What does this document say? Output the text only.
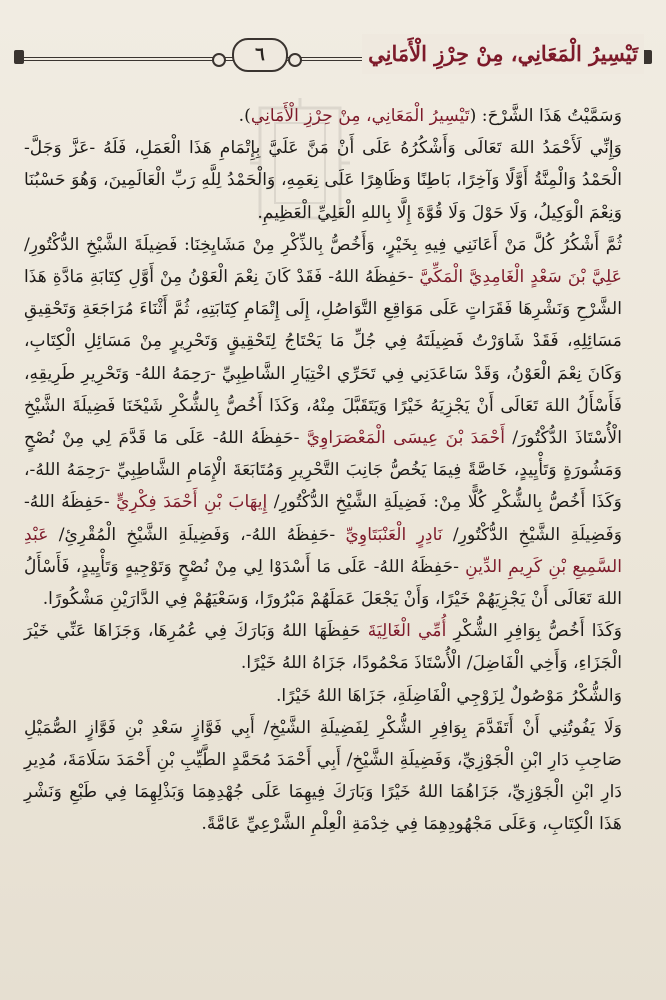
تَيْسِيرُ الْمَعَانِي، مِنْ حِرْزِ الْأَمَانِي
٦

وَسَمَّيْتُ هَذَا الشَّرْحَ: (تَيْسِيرُ الْمَعَانِي، مِنْ حِرْزِ الْأَمَانِي).

وَإِنِّي لَأَحْمَدُ اللهَ تَعَالَى وَأَشْكُرُهُ عَلَى أَنْ مَنَّ عَلَيَّ بِإِتْمَامِ هَذَا الْعَمَلِ، فَلَهُ -عَزَّ وَجَلَّ- الْحَمْدُ وَالْمِنَّةُ أَوَّلًا وَآخِرًا، بَاطِنًا وَظَاهِرًا عَلَى نِعَمِهِ، وَالْحَمْدُ لِلَّهِ رَبِّ الْعَالَمِينَ، وَهُوَ حَسْبُنَا وَنِعْمَ الْوَكِيلُ، وَلَا حَوْلَ وَلَا قُوَّةَ إِلَّا بِاللهِ الْعَلِيِّ الْعَظِيمِ.

ثُمَّ أَشْكُرُ كُلَّ مَنْ أَعَانَنِي فِيهِ بِخَيْرٍ، وَأَخُصُّ بِالذِّكْرِ مِنْ مَشَايِخِنَا: فَضِيلَةَ الشَّيْخِ الدُّكْتُورِ/ عَلِيَّ بْنَ سَعْدٍ الْغَامِدِيَّ الْمَكِّيَّ -حَفِظَهُ اللهُ- فَقَدْ كَانَ نِعْمَ الْعَوْنُ مِنْ أَوَّلِ كِتَابَةِ مَادَّةِ هَذَا الشَّرْحِ وَنَشْرِهَا فَقَرَاتٍ عَلَى مَوَاقِعِ التَّوَاصُلِ، إِلَى إِتْمَامِ كِتَابَتِهِ، ثُمَّ أَثْنَاءَ مُرَاجَعَةِ وَتَحْقِيقِ مَسَائِلِهِ، فَقَدْ شَاوَرْتُ فَضِيلَتَهُ فِي جُلِّ مَا يَحْتَاجُ لِتَحْقِيقٍ وَتَحْرِيرٍ مِنْ مَسَائِلِ الْكِتَابِ، وَكَانَ نِعْمَ الْعَوْنُ، وَقَدْ سَاعَدَنِي فِي تَحَرِّي اخْتِيَارِ الشَّاطِبِيِّ -رَحِمَهُ اللهُ- وَتَحْرِيرِ طَرِيقِهِ، فَأَسْأَلُ اللهَ تَعَالَى أَنْ يَجْزِيَهُ خَيْرًا وَيَتَقَبَّلَ مِنْهُ، وَكَذَا أَخُصُّ بِالشُّكْرِ شَيْخَنَا فَضِيلَةَ الشَّيْخِ الْأُسْتَاذَ الدُّكْتُورَ/ أَحْمَدَ بْنَ عِيسَى الْمَعْصَرَاوِيَّ -حَفِظَهُ اللهُ- عَلَى مَا قَدَّمَ لِي مِنْ نُصْحٍ وَمَشُورَةٍ وَتَأْيِيدٍ، خَاصَّةً فِيمَا يَخُصُّ جَانِبَ التَّحْرِيرِ وَمُتَابَعَةَ الْإِمَامِ الشَّاطِبِيِّ -رَحِمَهُ اللهُ-، وَكَذَا أَخُصُّ بِالشُّكْرِ كُلًّا مِنْ: فَضِيلَةِ الشَّيْخِ الدُّكْتُورِ/ إِيهَابَ بْنِ أَحْمَدَ فِكْرِيٍّ -حَفِظَهُ اللهُ- وَفَضِيلَةِ الشَّيْخِ الدُّكْتُورِ/ نَادِرٍ الْعَنْبَتَاوِيِّ -حَفِظَهُ اللهُ-، وَفَضِيلَةِ الشَّيْخِ الْمُقْرِئِ/ عَبْدِ السَّمِيعِ بْنِ كَرِيمِ الدِّينِ -حَفِظَهُ اللهُ- عَلَى مَا أَسْدَوْا لِي مِنْ نُصْحٍ وَتَوْجِيهٍ وَتَأْيِيدٍ، فَأَسْأَلُ اللهَ تَعَالَى أَنْ يَجْزِيَهُمْ خَيْرًا، وَأَنْ يَجْعَلَ عَمَلَهُمْ مَبْرُورًا، وَسَعْيَهُمْ فِي الدَّارَيْنِ مَشْكُورًا.

وَكَذَا أَخُصُّ بِوَافِرِ الشُّكْرِ أُمِّي الْغَالِيَةَ حَفِظَهَا اللهُ وَبَارَكَ فِي عُمُرِهَا، وَجَزَاهَا عَنِّي خَيْرَ الْجَزَاءِ، وَأَخِي الْفَاضِلَ/ الْأُسْتَاذَ مَحْمُودًا، جَزَاهُ اللهُ خَيْرًا.

وَالشُّكْرُ مَوْصُولٌ لِزَوْجِي الْفَاضِلَةِ، جَزَاهَا اللهُ خَيْرًا.

وَلَا يَفُوتُنِي أَنْ أَتَقَدَّمَ بِوَافِرِ الشُّكْرِ لِفَضِيلَةِ الشَّيْخِ/ أَبِي فَوَّازٍ سَعْدِ بْنِ فَوَّازٍ الصُّمَيْلِ صَاحِبِ دَارِ ابْنِ الْجَوْزِيِّ، وَفَضِيلَةِ الشَّيْخِ/ أَبِي أَحْمَدَ مُحَمَّدٍ الطَّيِّبِ بْنِ أَحْمَدَ سَلَامَةَ، مُدِيرِ دَارِ ابْنِ الْجَوْزِيِّ، جَزَاهُمَا اللهُ خَيْرًا وَبَارَكَ فِيهِمَا عَلَى جُهْدِهِمَا وَبَذْلِهِمَا فِي طَبْعِ وَنَشْرِ هَذَا الْكِتَابِ، وَعَلَى مَجْهُودِهِمَا فِي خِدْمَةِ الْعِلْمِ الشَّرْعِيِّ عَامَّةً.
